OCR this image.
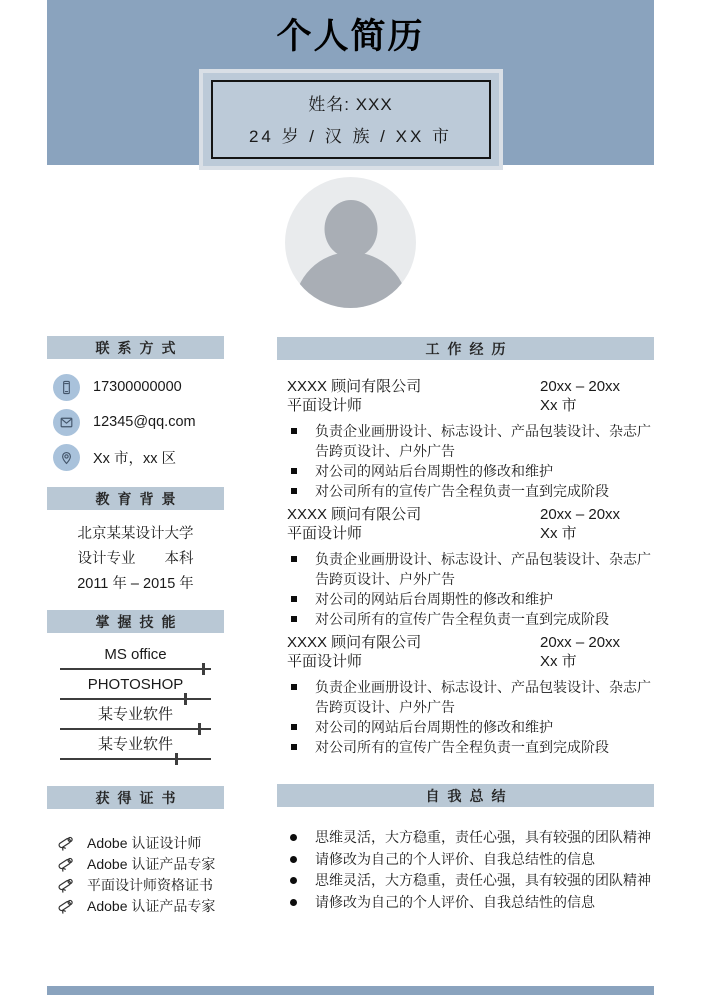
个人简历
姓名: XXX
24 岁 / 汉 族 / XX 市
联系方式
17300000000
12345@qq.com
Xx 市，xx 区
教育背景
北京某某设计大学
设计专业　　本科
2011 年 – 2015 年
掌握技能
MS office
PHOTOSHOP
某专业软件
某专业软件
获得证书
Adobe 认证设计师
Adobe 认证产品专家
平面设计师资格证书
Adobe 认证产品专家
工作经历
XXXX 顾问有限公司
平面设计师
20xx – 20xx
Xx 市
负责企业画册设计、标志设计、产品包装设计、杂志广告跨页设计、户外广告
对公司的网站后台周期性的修改和维护
对公司所有的宣传广告全程负责一直到完成阶段
XXXX 顾问有限公司
平面设计师
20xx – 20xx
Xx 市
负责企业画册设计、标志设计、产品包装设计、杂志广告跨页设计、户外广告
对公司的网站后台周期性的修改和维护
对公司所有的宣传广告全程负责一直到完成阶段
XXXX 顾问有限公司
平面设计师
20xx – 20xx
Xx 市
负责企业画册设计、标志设计、产品包装设计、杂志广告跨页设计、户外广告
对公司的网站后台周期性的修改和维护
对公司所有的宣传广告全程负责一直到完成阶段
自我总结
思维灵活，大方稳重，责任心强，具有较强的团队精神
请修改为自己的个人评价、自我总结性的信息
思维灵活，大方稳重，责任心强，具有较强的团队精神
请修改为自己的个人评价、自我总结性的信息
